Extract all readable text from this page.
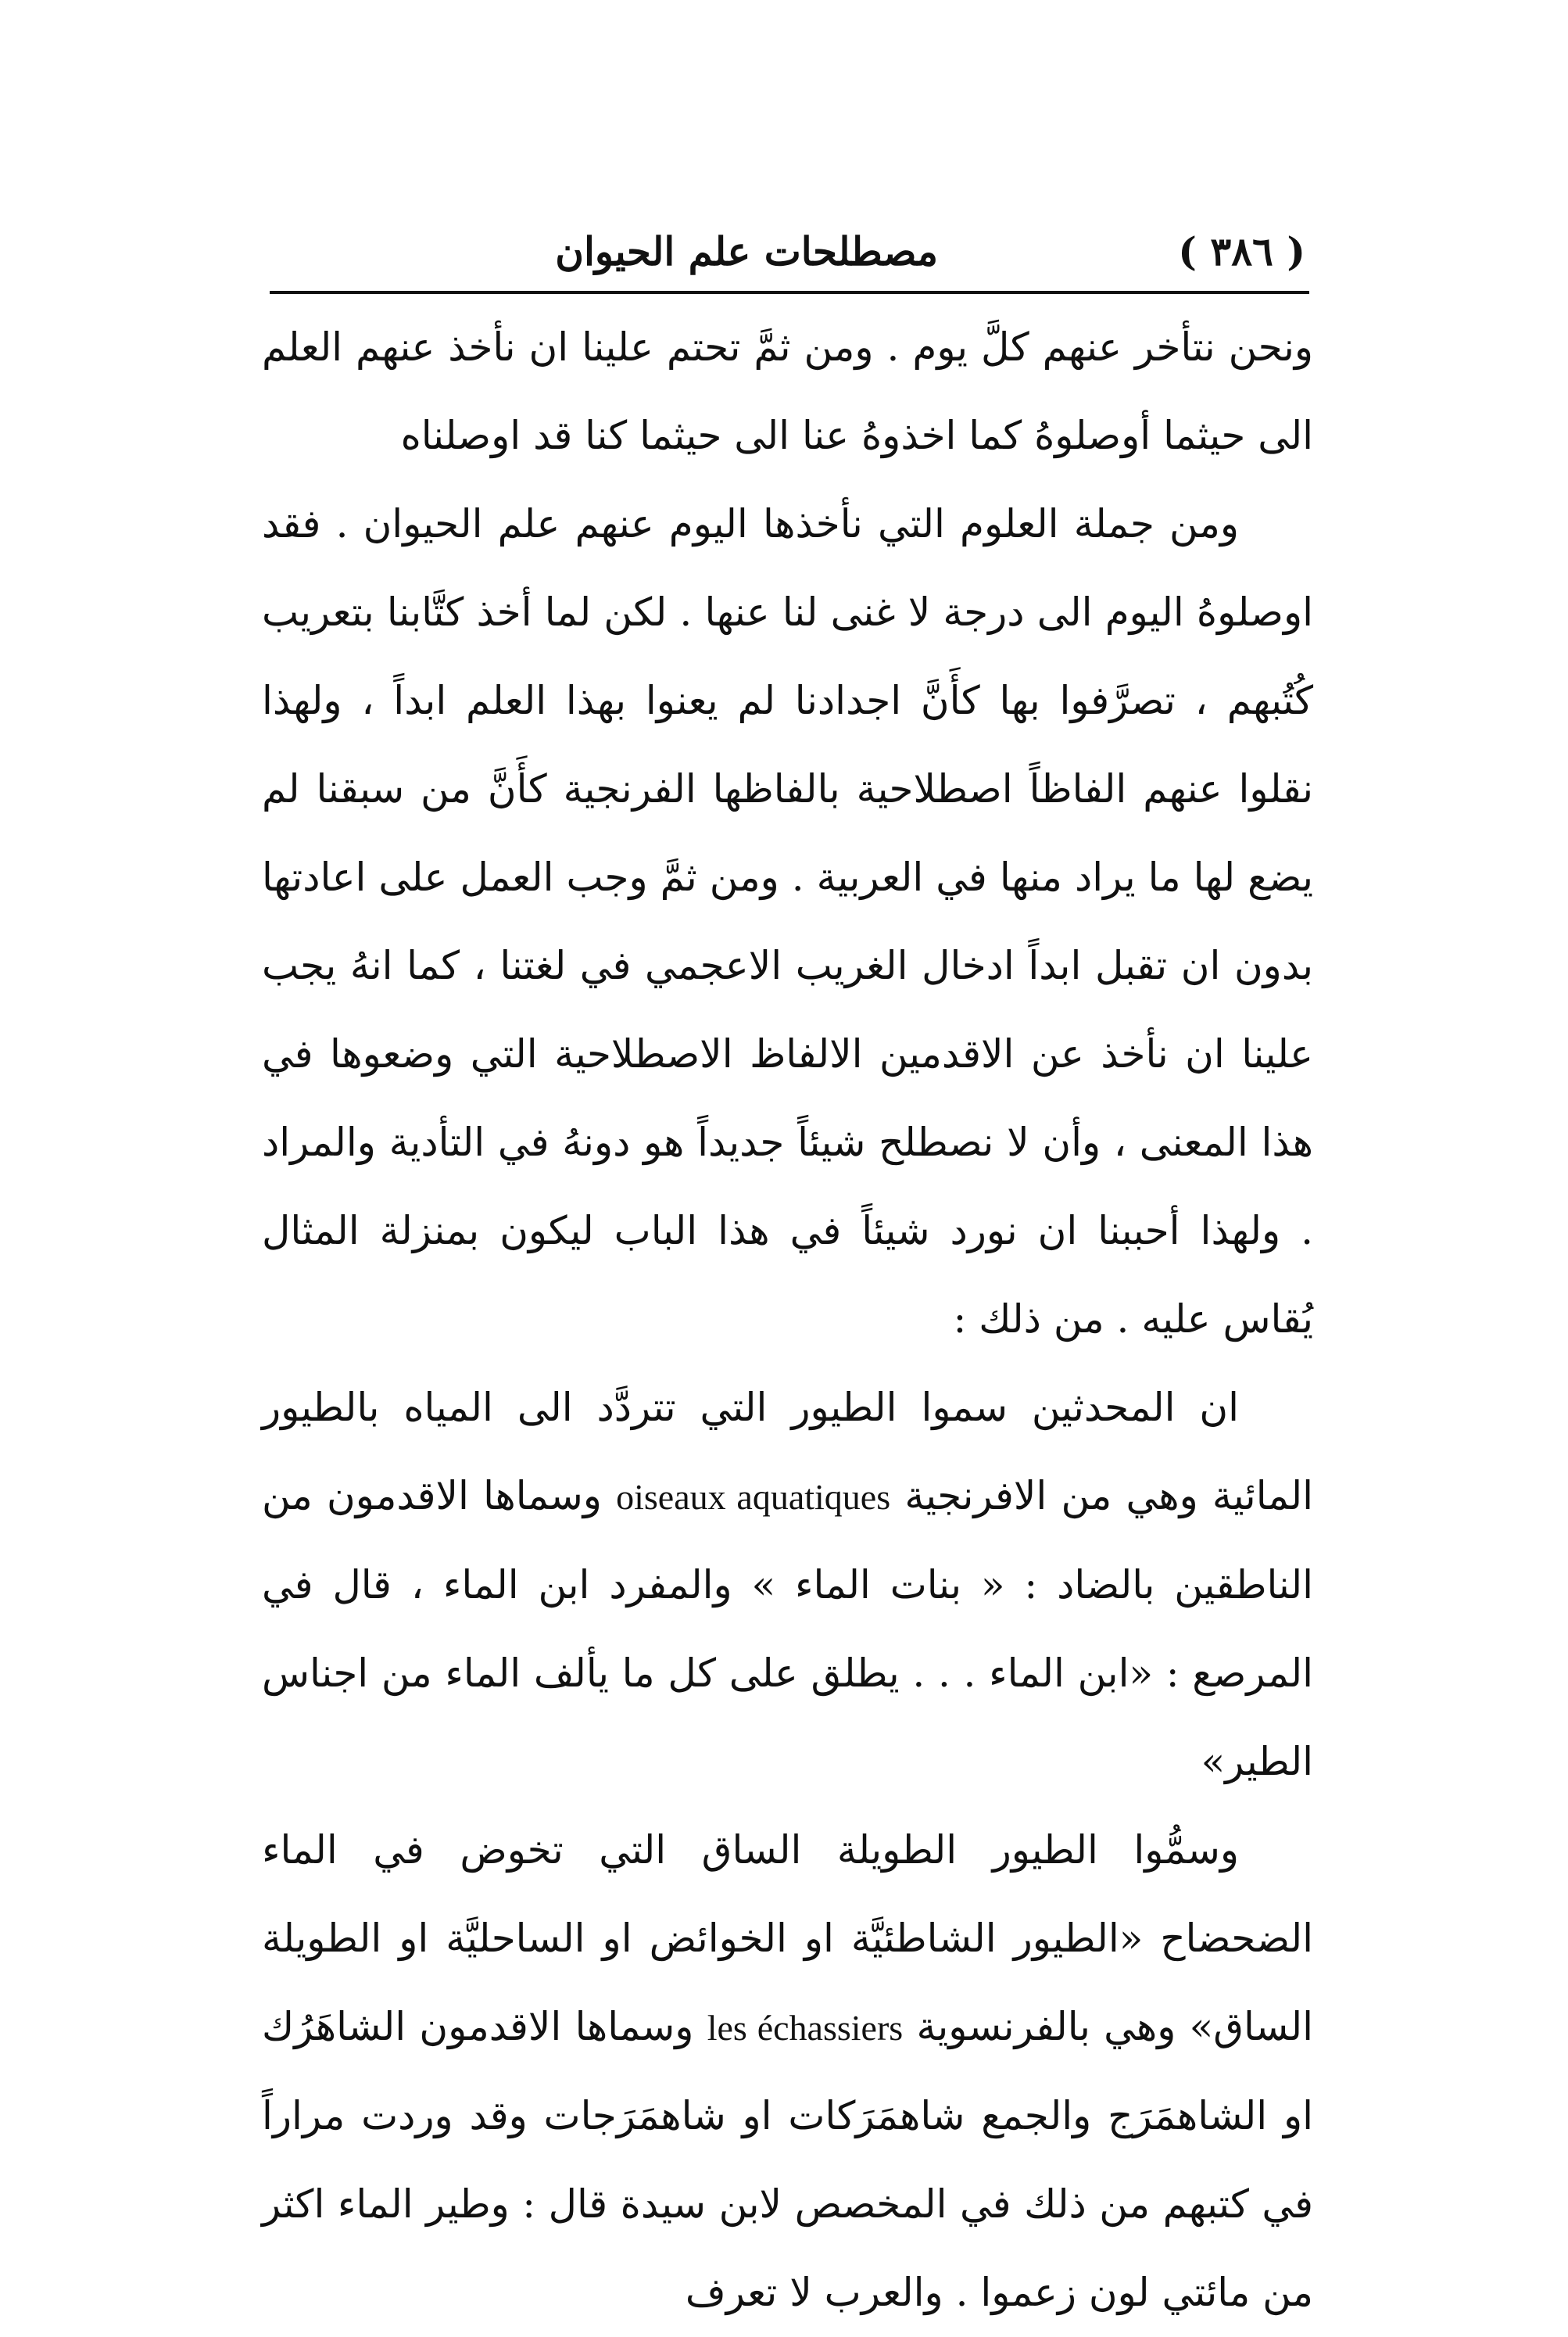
( ٣٨٦ )
مصطلحات علم الحيوان

ونحن نتأخر عنهم كلَّ يوم . ومن ثمَّ تحتم علينا ان نأخذ عنهم العلم الى حيثما أوصلوهُ كما اخذوهُ عنا الى حيثما كنا قد اوصلناه

ومن جملة العلوم التي نأخذها اليوم عنهم علم الحيوان . فقد اوصلوهُ اليوم الى درجة لا غنى لنا عنها . لكن لما أخذ كتَّابنا بتعريب كُتُبهم ، تصرَّفوا بها كأَنَّ اجدادنا لم يعنوا بهذا العلم ابداً ، ولهذا نقلوا عنهم الفاظاً اصطلاحية بالفاظها الفرنجية كأَنَّ من سبقنا لم يضع لها ما يراد منها في العربية . ومن ثمَّ وجب العمل على اعادتها بدون ان تقبل ابداً ادخال الغريب الاعجمي في لغتنا ، كما انهُ يجب علينا ان نأخذ عن الاقدمين الالفاظ الاصطلاحية التي وضعوها في هذا المعنى ، وأن لا نصطلح شيئاً جديداً هو دونهُ في التأدية والمراد . ولهذا أحببنا ان نورد شيئاً في هذا الباب ليكون بمنزلة المثال يُقاس عليه . من ذلك :

ان المحدثين سموا الطيور التي تتردَّد الى المياه بالطيور المائية وهي من الافرنجية oiseaux aquatiques وسماها الاقدمون من الناطقين بالضاد : « بنات الماء » والمفرد ابن الماء ، قال في المرصع : «ابن الماء . . . يطلق على كل ما يألف الماء من اجناس الطير»

وسمُّوا الطيور الطويلة الساق التي تخوض في الماء الضحضاح «الطيور الشاطئيَّة او الخوائض او الساحليَّة او الطويلة الساق» وهي بالفرنسوية les échassiers وسماها الاقدمون الشاهَرُك او الشاهمَرَج والجمع شاهمَرَكات او شاهمَرَجات وقد وردت مراراً في كتبهم من ذلك في المخصص لابن سيدة قال : وطير الماء اكثر من مائتي لون زعموا . والعرب لا تعرف
